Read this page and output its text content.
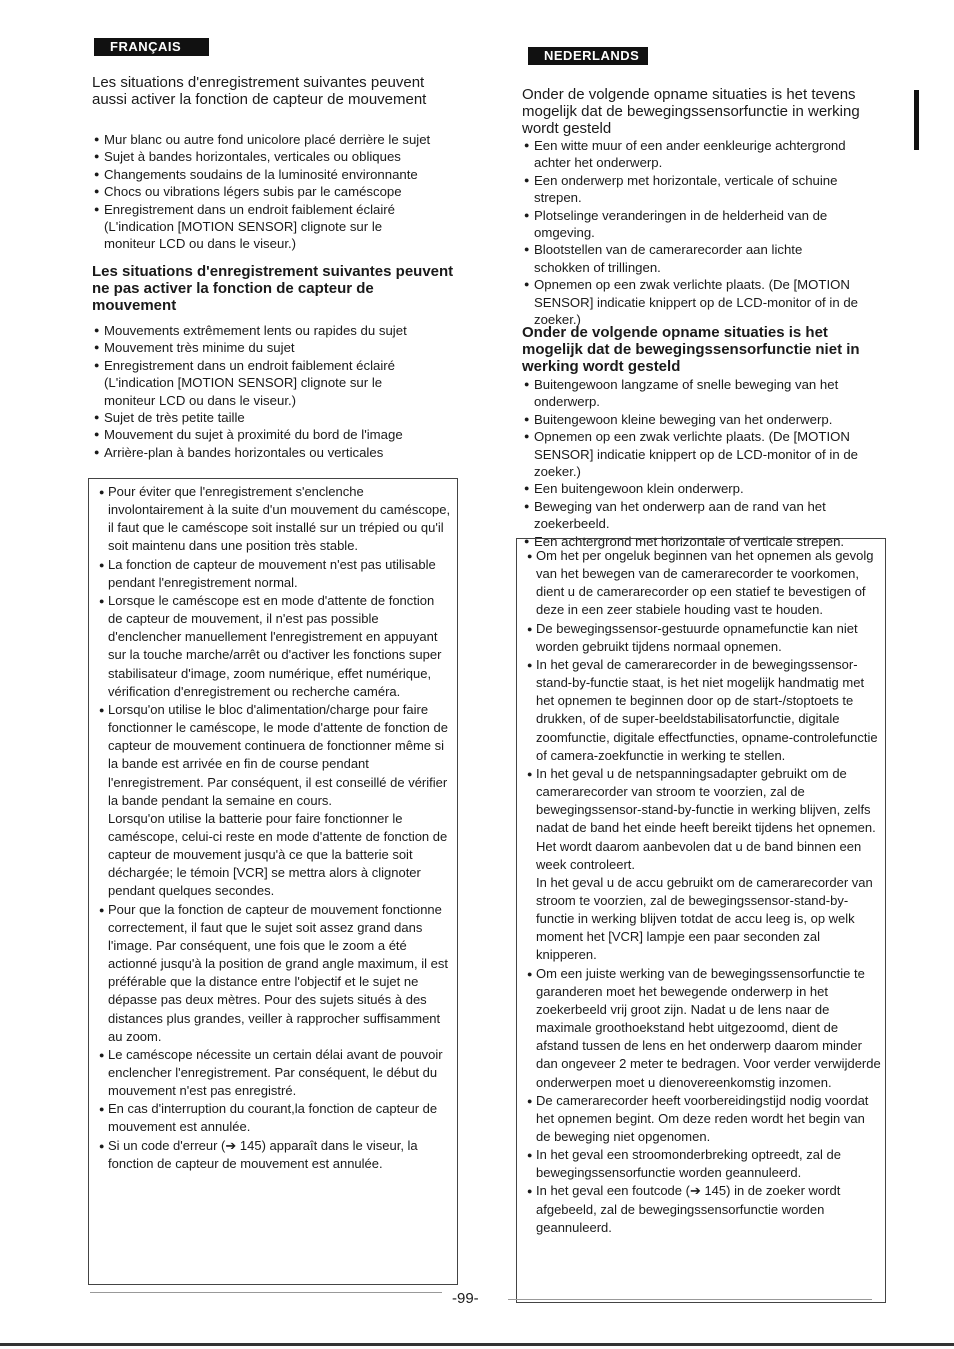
FRANÇAIS
Les situations d'enregistrement suivantes peuvent aussi activer la fonction de capteur de mouvement
● Mur blanc ou autre fond unicolore placé derrière le sujet
● Sujet à bandes horizontales, verticales ou obliques
● Changements soudains de la luminosité environnante
● Chocs ou vibrations légers subis par le caméscope
● Enregistrement dans un endroit faiblement éclairé (L'indication [MOTION SENSOR] clignote sur le moniteur LCD ou dans le viseur.)
Les situations d'enregistrement suivantes peuvent ne pas activer la fonction de capteur de mouvement
● Mouvements extrêmement lents ou rapides du sujet
● Mouvement très minime du sujet
● Enregistrement dans un endroit faiblement éclairé (L'indication [MOTION SENSOR] clignote sur le moniteur LCD ou dans le viseur.)
● Sujet de très petite taille
● Mouvement du sujet à proximité du bord de l'image
● Arrière-plan à bandes horizontales ou verticales
● Pour éviter que l'enregistrement s'enclenche involontairement à la suite d'un mouvement du caméscope, il faut que le caméscope soit installé sur un trépied ou qu'il soit maintenu dans une position très stable.
● La fonction de capteur de mouvement n'est pas utilisable pendant l'enregistrement normal.
● Lorsque le caméscope est en mode d'attente de fonction de capteur de mouvement, il n'est pas possible d'enclencher manuellement l'enregistrement en appuyant sur la touche marche/arrêt ou d'activer les fonctions super stabilisateur d'image, zoom numérique, effet numérique, vérification d'enregistrement ou recherche caméra.
● Lorsqu'on utilise le bloc d'alimentation/charge pour faire fonctionner le caméscope, le mode d'attente de fonction de capteur de mouvement continuera de fonctionner même si la bande est arrivée en fin de course pendant l'enregistrement. Par conséquent, il est conseillé de vérifier la bande pendant la semaine en cours.

Lorsqu'on utilise la batterie pour faire fonctionner le caméscope, celui-ci reste en mode d'attente de fonction de capteur de mouvement jusqu'à ce que la batterie soit déchargée; le témoin [VCR] se mettra alors à clignoter pendant quelques secondes.

● Pour que la fonction de capteur de mouvement fonctionne correctement, il faut que le sujet soit assez grand dans l'image. Par conséquent, une fois que le zoom a été actionné jusqu'à la position de grand angle maximum, il est préférable que la distance entre l'objectif et le sujet ne dépasse pas deux mètres. Pour des sujets situés à des distances plus grandes, veiller à rapprocher suffisamment au zoom.
● Le caméscope nécessite un certain délai avant de pouvoir enclencher l'enregistrement. Par conséquent, le début du mouvement n'est pas enregistré.
● En cas d'interruption du courant,la fonction de capteur de mouvement est annulée.
● Si un code d'erreur (➔ 145) apparaît dans le viseur, la fonction de capteur de mouvement est annulée.
NEDERLANDS
Onder de volgende opname situaties is het tevens mogelijk dat de bewegingssensorfunctie in werking wordt gesteld
● Een witte muur of een ander eenkleurige achtergrond achter het onderwerp.
● Een onderwerp met horizontale, verticale of schuine strepen.
● Plotselinge veranderingen in de helderheid van de omgeving.
● Blootstellen van de camerarecorder aan lichte schokken of trillingen.
● Opnemen op een zwak verlichte plaats. (De [MOTION SENSOR] indicatie knippert op de LCD-monitor of in de zoeker.)
Onder de volgende opname situaties is het mogelijk dat de bewegingssensorfunctie niet in werking wordt gesteld
● Buitengewoon langzame of snelle beweging van het onderwerp.
● Buitengewoon kleine beweging van het onderwerp.
● Opnemen op een zwak verlichte plaats. (De [MOTION SENSOR] indicatie knippert op de LCD-monitor of in de zoeker.)
● Een buitengewoon klein onderwerp.
● Beweging van het onderwerp aan de rand van het zoekerbeeld.
● Een achtergrond met horizontale of verticale strepen.
● Om het per ongeluk beginnen van het opnemen als gevolg van het bewegen van de camerarecorder te voorkomen, dient u de camerarecorder op een statief te bevestigen of deze in een zeer stabiele houding vast te houden.
● De bewegingssensor-gestuurde opnamefunctie kan niet worden gebruikt tijdens normaal opnemen.
● In het geval de camerarecorder in de bewegingssensor-stand-by-functie staat, is het niet mogelijk handmatig met het opnemen te beginnen door op de start-/stoptoets te drukken, of de super-beeldstabilisatorfunctie, digitale zoomfunctie, digitale effectfuncties, opname-controlefunctie of camera-zoekfunctie in werking te stellen.
● In het geval u de netspanningsadapter gebruikt om de camerarecorder van stroom te voorzien, zal de bewegingssensor-stand-by-functie in werking blijven, zelfs nadat de band het einde heeft bereikt tijdens het opnemen. Het wordt daarom aanbevolen dat u de band binnen een week controleert.

In het geval u de accu gebruikt om de camerarecorder van stroom te voorzien, zal de bewegingssensor-stand-by-functie in werking blijven totdat de accu leeg is, op welk moment het [VCR] lampje een paar seconden zal knipperen.

● Om een juiste werking van de bewegingssensorfunctie te garanderen moet het bewegende onderwerp in het zoekerbeeld vrij groot zijn. Nadat u de lens naar de maximale groothoekstand hebt uitgezoomd, dient de afstand tussen de lens en het onderwerp daarom minder dan ongeveer 2 meter te bedragen. Voor verder verwijderde onderwerpen moet u dienovereenkomstig inzomen.
● De camerarecorder heeft voorbereidingstijd nodig voordat het opnemen begint. Om deze reden wordt het begin van de beweging niet opgenomen.
● In het geval een stroomonderbreking optreedt, zal de bewegingssensorfunctie worden geannuleerd.
● In het geval een foutcode (➔ 145) in de zoeker wordt afgebeeld, zal de bewegingssensorfunctie worden geannuleerd.
-99-
